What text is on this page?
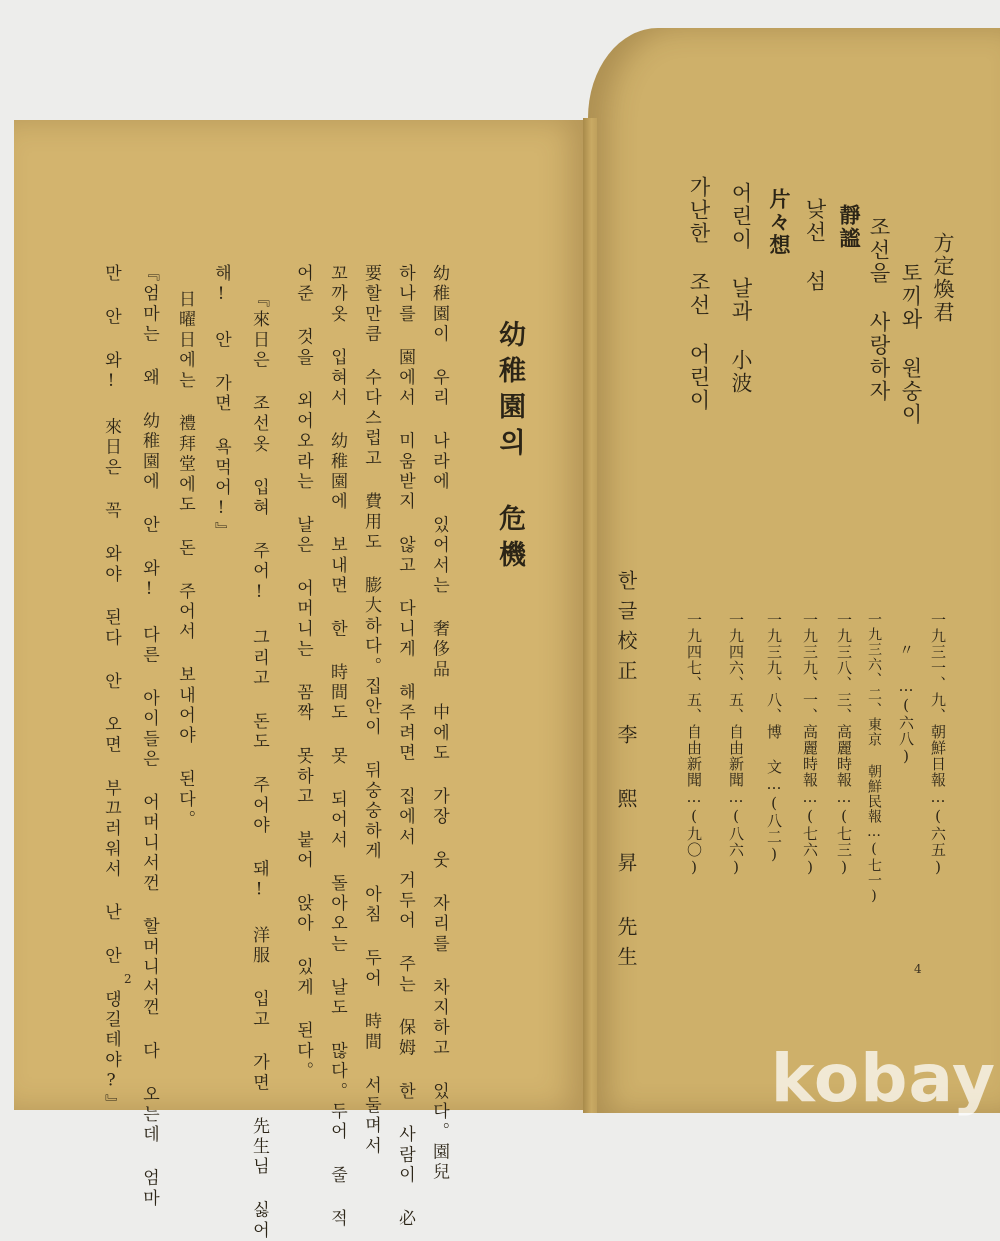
幼稚園의 危機
幼稚園이 우리 나라에 있어서는 奢侈品 中에도 가장 웃 자리를 차지하고 있다。園兒
하나를 園에서 미움받지 않고 다니게 해주려면 집에서 거두어 주는 保姆 한 사람이 必
要할만큼 수다스럽고 費用도 膨大하다。집안이 뒤숭숭하게 아침 두어 時間 서둘며서
꼬까옷 입혀서 幼稚園에 보내면 한 時間도 못 되어서 돌아오는 날도 많다。두어 줄 적
어준 것을 외어오라는 날은 어머니는 꼼짝 못하고 붙어 앉아 있게 된다。
『來日은 조선옷 입혀 주어! 그리고 돈도 주어야 돼! 洋服 입고 가면 先生님 싫어
해! 안 가면 욕먹어!』
日曜日에는 禮拜堂에도 돈 주어서 보내어야 된다。
『엄마는 왜 幼稚園에 안 와! 다른 아이들은 어머니서껀 할머니서껀 다 오는데 엄마
만 안 와! 來日은 꼭 와야 된다 안 오면 부끄러워서 난 안 댕길테야?』 2
方定煥君
一九三一、九、朝鮮日報…(六五)
토끼와 원숭이
〃 …(六八)
조선을 사랑하자
一九三六、二、東京 朝鮮民報…(七一)
靜謐
一九三八、三、高麗時報…(七三)
낮선 섬
一九三九、一、高麗時報…(七六)
片々想
一九三九、八、博 文…(八二)
어린이 날과 小波
一九四六、五、自由新聞…(八六)
가난한 조선 어린이
一九四七、五、自由新聞…(九〇)
한글校正 李 熙 昇 先生	4
kobay
